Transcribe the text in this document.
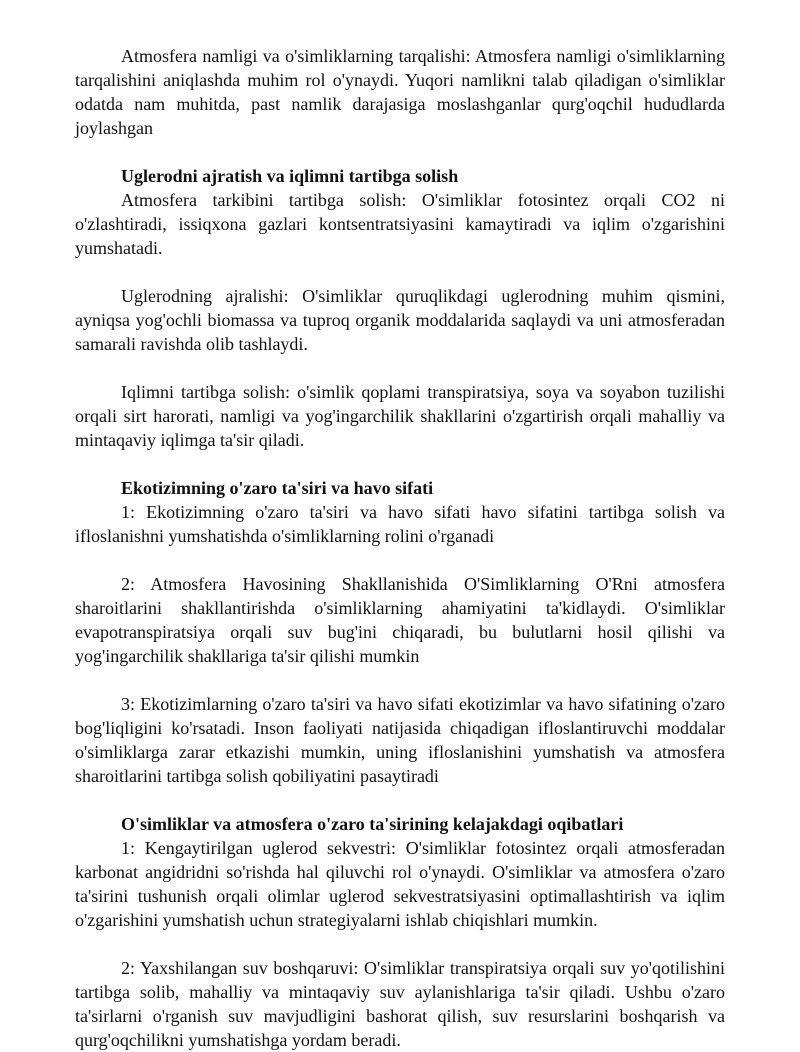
Atmosfera namligi va o'simliklarning tarqalishi: Atmosfera namligi o'simliklarning tarqalishini aniqlashda muhim rol o'ynaydi. Yuqori namlikni talab qiladigan o'simliklar odatda nam muhitda, past namlik darajasiga moslashganlar qurg'oqchil hududlarda joylashgan

Uglerodni ajratish va iqlimni tartibga solish

Atmosfera tarkibini tartibga solish: O'simliklar fotosintez orqali CO2 ni o'zlashtiradi, issiqxona gazlari kontsentratsiyasini kamaytiradi va iqlim o'zgarishini yumshatadi.

Uglerodning ajralishi: O'simliklar quruqlikdagi uglerodning muhim qismini, ayniqsa yog'ochli biomassa va tuproq organik moddalarida saqlaydi va uni atmosferadan samarali ravishda olib tashlaydi.

Iqlimni tartibga solish: o'simlik qoplami transpiratsiya, soya va soyabon tuzilishi orqali sirt harorati, namligi va yog'ingarchilik shakllarini o'zgartirish orqali mahalliy va mintaqaviy iqlimga ta'sir qiladi.

Ekotizimning o'zaro ta'siri va havo sifati

1: Ekotizimning o'zaro ta'siri va havo sifati havo sifatini tartibga solish va ifloslanishni yumshatishda o'simliklarning rolini o'rganadi

2: Atmosfera Havosining Shakllanishida O'Simliklarning O'Rni atmosfera sharoitlarini shakllantirishda o'simliklarning ahamiyatini ta'kidlaydi. O'simliklar evapotranspiratsiya orqali suv bug'ini chiqaradi, bu bulutlarni hosil qilishi va yog'ingarchilik shakllariga ta'sir qilishi mumkin

3: Ekotizimlarning o'zaro ta'siri va havo sifati ekotizimlar va havo sifatining o'zaro bog'liqligini ko'rsatadi. Inson faoliyati natijasida chiqadigan ifloslantiruvchi moddalar o'simliklarga zarar etkazishi mumkin, uning ifloslanishini yumshatish va atmosfera sharoitlarini tartibga solish qobiliyatini pasaytiradi

O'simliklar va atmosfera o'zaro ta'sirining kelajakdagi oqibatlari

1: Kengaytirilgan uglerod sekvestri: O'simliklar fotosintez orqali atmosferadan karbonat angidridni so'rishda hal qiluvchi rol o'ynaydi. O'simliklar va atmosfera o'zaro ta'sirini tushunish orqali olimlar uglerod sekvestratsiyasini optimallashtirish va iqlim o'zgarishini yumshatish uchun strategiyalarni ishlab chiqishlari mumkin.

2: Yaxshilangan suv boshqaruvi: O'simliklar transpiratsiya orqali suv yo'qotilishini tartibga solib, mahalliy va mintaqaviy suv aylanishlariga ta'sir qiladi. Ushbu o'zaro ta'sirlarni o'rganish suv mavjudligini bashorat qilish, suv resurslarini boshqarish va qurg'oqchilikni yumshatishga yordam beradi.
